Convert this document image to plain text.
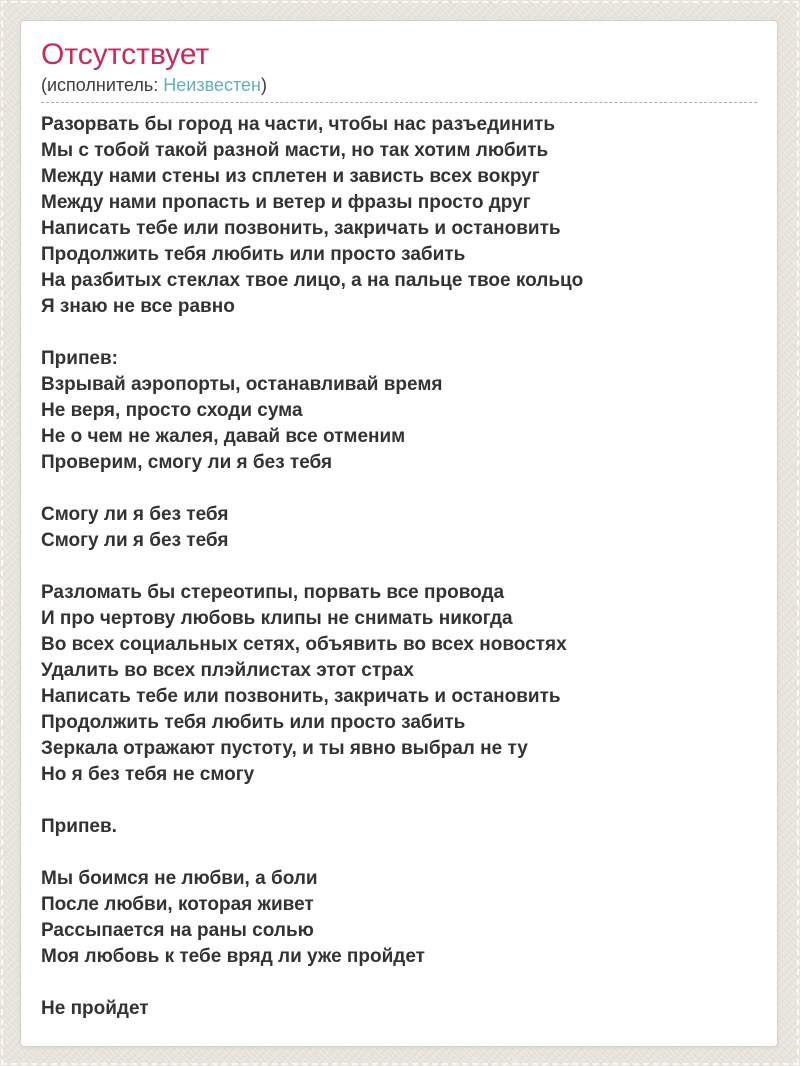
Отсутствует

(исполнитель: Неизвестен)

Разорвать бы город на части, чтобы нас разъединить
Мы с тобой такой разной масти, но так хотим любить
Между нами стены из сплетен и зависть всех вокруг
Между нами пропасть и ветер и фразы просто друг
Написать тебе или позвонить, закричать и остановить
Продолжить тебя любить или просто забить
На разбитых стеклах твое лицо, а на пальце твое кольцо
Я знаю не все равно

Припев:
Взрывай аэропорты, останавливай время
Не веря, просто сходи сума
Не о чем не жалея, давай все отменим
Проверим, смогу ли я без тебя

Смогу ли я без тебя
Смогу ли я без тебя

Разломать бы стереотипы, порвать все провода
И про чертову любовь клипы не снимать никогда
Во всех социальных сетях, объявить во всех новостях
Удалить во всех плэйлистах этот страх
Написать тебе или позвонить, закричать и остановить
Продолжить тебя любить или просто забить
Зеркала отражают пустоту, и ты явно выбрал не ту
Но я без тебя не смогу

Припев.

Мы боимся не любви, а боли
После любви, которая живет
Рассыпается на раны солью
Моя любовь к тебе вряд ли уже пройдет

Не пройдет
